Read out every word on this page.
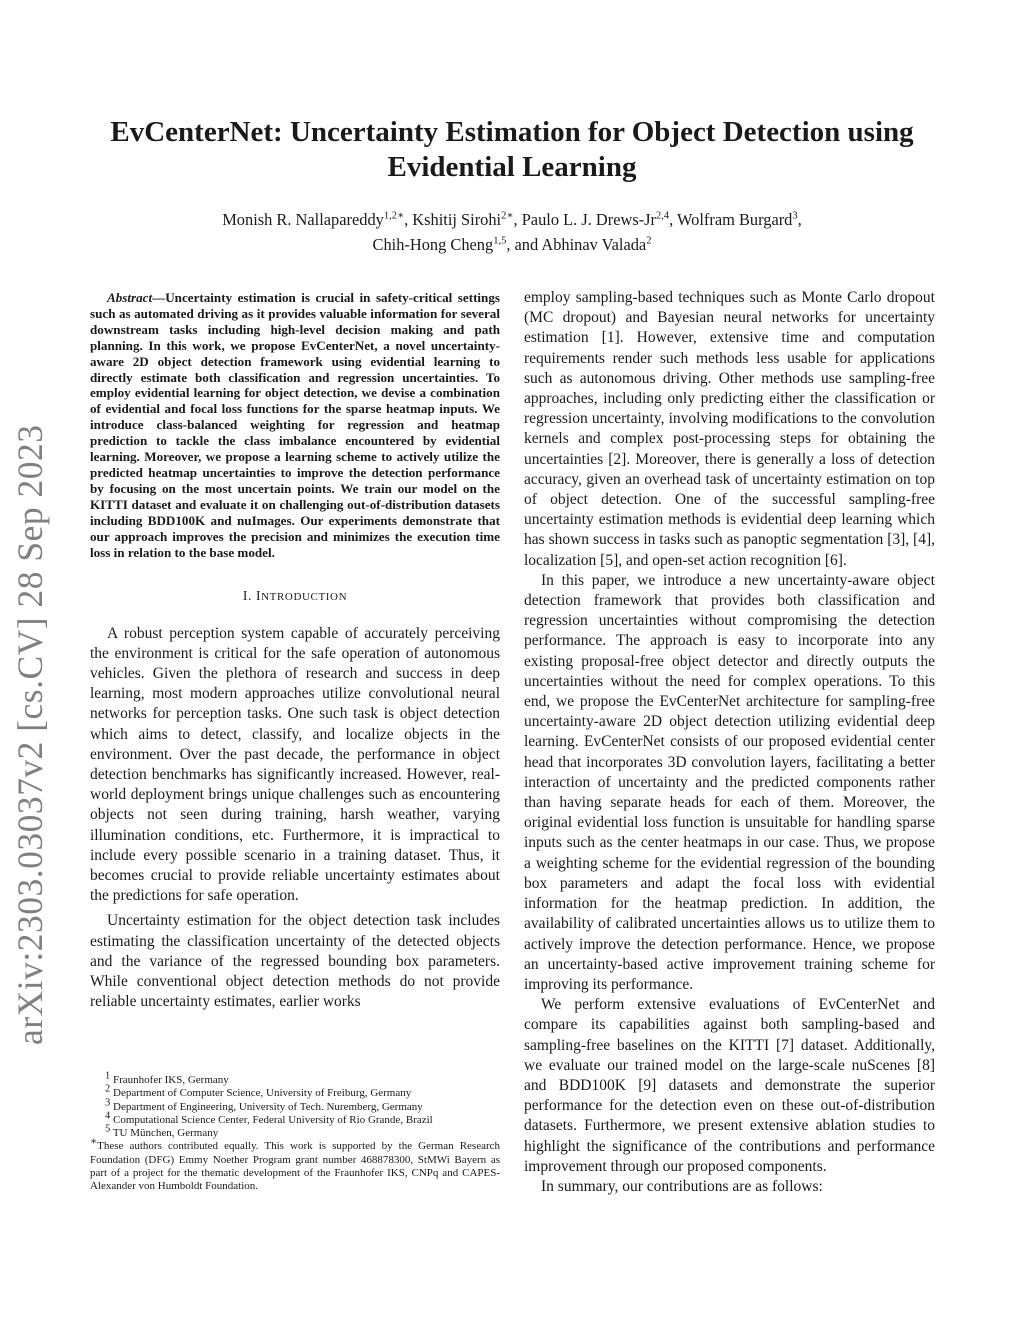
arXiv:2303.03037v2 [cs.CV] 28 Sep 2023
EvCenterNet: Uncertainty Estimation for Object Detection using
Evidential Learning
Monish R. Nallapareddy$^{1,2∗}$, Kshitij Sirohi$^{2∗}$, Paulo L. J. Drews-Jr$^{2,4}$, Wolfram Burgard$^3$,
Chih-Hong Cheng$^{1,5}$, and Abhinav Valada$^2$

Abstract—Uncertainty estimation is crucial in safety-critical settings such as automated driving as it provides valuable information for several downstream tasks including high-level decision making and path planning. In this work, we propose EvCenterNet, a novel uncertainty-aware 2D object detection framework using evidential learning to directly estimate both classification and regression uncertainties. To employ evidential learning for object detection, we devise a combination of evidential and focal loss functions for the sparse heatmap inputs. We introduce class-balanced weighting for regression and heatmap prediction to tackle the class imbalance encountered by evidential learning. Moreover, we propose a learning scheme to actively utilize the predicted heatmap uncertainties to improve the detection performance by focusing on the most uncertain points. We train our model on the KITTI dataset and evaluate it on challenging out-of-distribution datasets including BDD100K and nuImages. Our experiments demonstrate that our approach improves the precision and minimizes the execution time loss in relation to the base model.

I. INTRODUCTION

A robust perception system capable of accurately perceiving the environment is critical for the safe operation of autonomous vehicles. Given the plethora of research and success in deep learning, most modern approaches utilize convolutional neural networks for perception tasks. One such task is object detection which aims to detect, classify, and localize objects in the environment. Over the past decade, the performance in object detection benchmarks has significantly increased. However, real-world deployment brings unique challenges such as encountering objects not seen during training, harsh weather, varying illumination conditions, etc. Furthermore, it is impractical to include every possible scenario in a training dataset. Thus, it becomes crucial to provide reliable uncertainty estimates about the predictions for safe operation.

Uncertainty estimation for the object detection task includes estimating the classification uncertainty of the detected objects and the variance of the regressed bounding box parameters. While conventional object detection methods do not provide reliable uncertainty estimates, earlier works

$^1$ Fraunhofer IKS, Germany
$^2$ Department of Computer Science, University of Freiburg, Germany
$^3$ Department of Engineering, University of Tech. Nuremberg, Germany
$^4$ Computational Science Center, Federal University of Rio Grande, Brazil
$^5$ TU München, Germany
∗These authors contributed equally. This work is supported by the German Research Foundation (DFG) Emmy Noether Program grant number 468878300, StMWi Bayern as part of a project for the thematic development of the Fraunhofer IKS, CNPq and CAPES-Alexander von Humboldt Foundation.

employ sampling-based techniques such as Monte Carlo dropout (MC dropout) and Bayesian neural networks for uncertainty estimation [1]. However, extensive time and computation requirements render such methods less usable for applications such as autonomous driving. Other methods use sampling-free approaches, including only predicting either the classification or regression uncertainty, involving modifications to the convolution kernels and complex post-processing steps for obtaining the uncertainties [2]. Moreover, there is generally a loss of detection accuracy, given an overhead task of uncertainty estimation on top of object detection. One of the successful sampling-free uncertainty estimation methods is evidential deep learning which has shown success in tasks such as panoptic segmentation [3], [4], localization [5], and open-set action recognition [6].

In this paper, we introduce a new uncertainty-aware object detection framework that provides both classification and regression uncertainties without compromising the detection performance. The approach is easy to incorporate into any existing proposal-free object detector and directly outputs the uncertainties without the need for complex operations. To this end, we propose the EvCenterNet architecture for sampling-free uncertainty-aware 2D object detection utilizing evidential deep learning. EvCenterNet consists of our proposed evidential center head that incorporates 3D convolution layers, facilitating a better interaction of uncertainty and the predicted components rather than having separate heads for each of them. Moreover, the original evidential loss function is unsuitable for handling sparse inputs such as the center heatmaps in our case. Thus, we propose a weighting scheme for the evidential regression of the bounding box parameters and adapt the focal loss with evidential information for the heatmap prediction. In addition, the availability of calibrated uncertainties allows us to utilize them to actively improve the detection performance. Hence, we propose an uncertainty-based active improvement training scheme for improving its performance.

We perform extensive evaluations of EvCenterNet and compare its capabilities against both sampling-based and sampling-free baselines on the KITTI [7] dataset. Additionally, we evaluate our trained model on the large-scale nuScenes [8] and BDD100K [9] datasets and demonstrate the superior performance for the detection even on these out-of-distribution datasets. Furthermore, we present extensive ablation studies to highlight the significance of the contributions and performance improvement through our proposed components.

In summary, our contributions are as follows:
